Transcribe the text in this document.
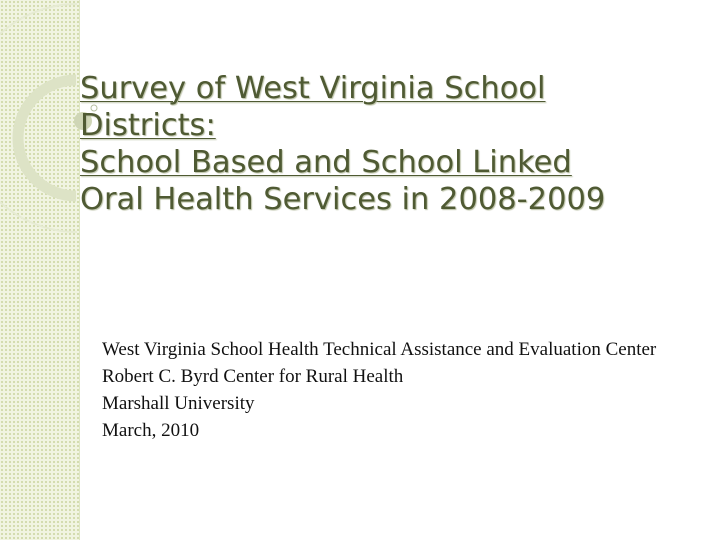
Survey of West Virginia School
Districts:
School Based and School Linked
Oral Health Services in 2008-2009
West Virginia School Health Technical Assistance and Evaluation Center
Robert C. Byrd Center for Rural Health
Marshall University
March, 2010
